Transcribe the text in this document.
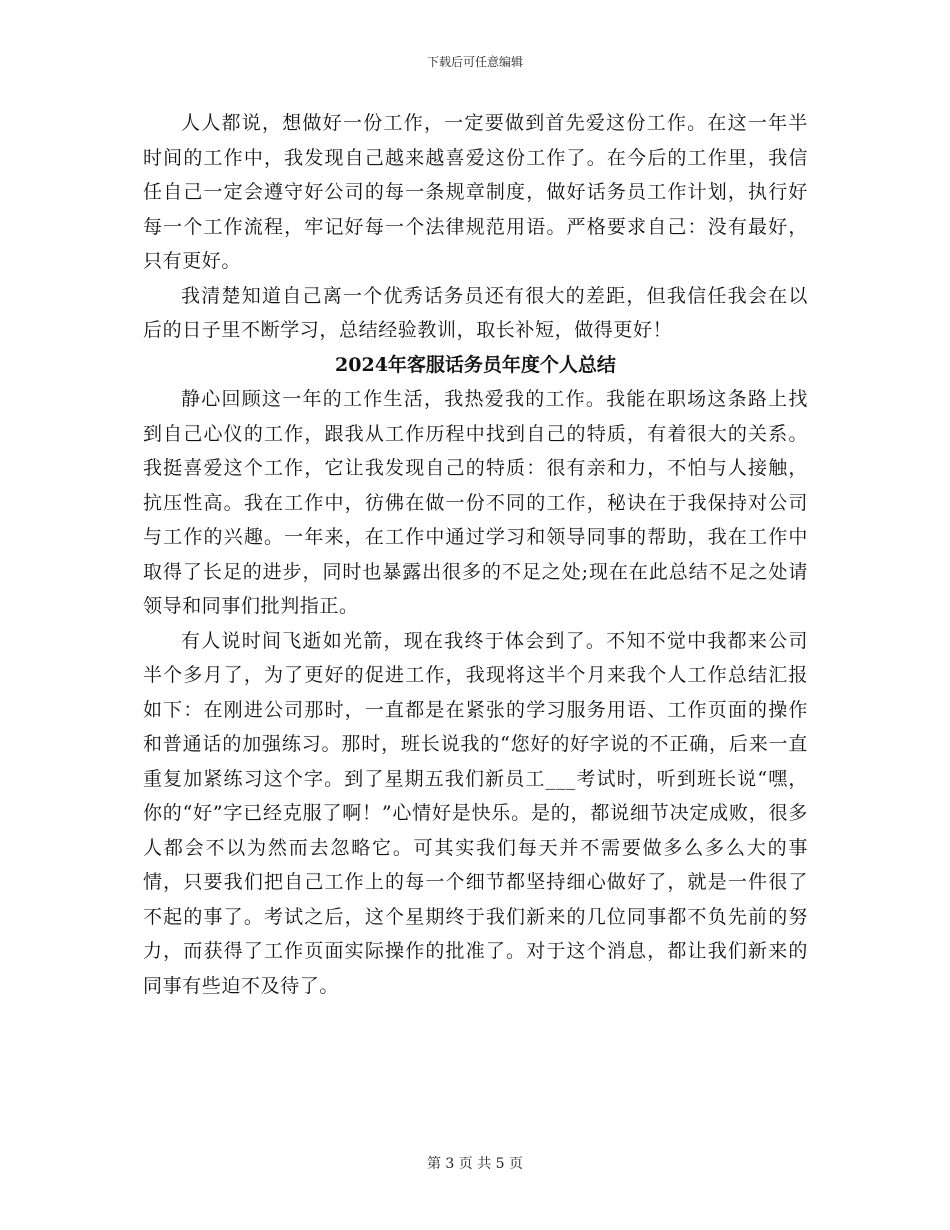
下载后可任意编辑

人人都说，想做好一份工作，一定要做到首先爱这份工作。在这一年半时间的工作中，我发现自己越来越喜爱这份工作了。在今后的工作里，我信任自己一定会遵守好公司的每一条规章制度，做好话务员工作计划，执行好每一个工作流程，牢记好每一个法律规范用语。严格要求自己：没有最好，只有更好。

我清楚知道自己离一个优秀话务员还有很大的差距，但我信任我会在以后的日子里不断学习，总结经验教训，取长补短，做得更好！

2024年客服话务员年度个人总结

静心回顾这一年的工作生活，我热爱我的工作。我能在职场这条路上找到自己心仪的工作，跟我从工作历程中找到自己的特质，有着很大的关系。我挺喜爱这个工作，它让我发现自己的特质：很有亲和力，不怕与人接触，抗压性高。我在工作中，彷佛在做一份不同的工作，秘诀在于我保持对公司与工作的兴趣。一年来，在工作中通过学习和领导同事的帮助，我在工作中取得了长足的进步，同时也暴露出很多的不足之处;现在在此总结不足之处请领导和同事们批判指正。

有人说时间飞逝如光箭，现在我终于体会到了。不知不觉中我都来公司半个多月了，为了更好的促进工作，我现将这半个月来我个人工作总结汇报如下：在刚进公司那时，一直都是在紧张的学习服务用语、工作页面的操作和普通话的加强练习。那时，班长说我的“您好的好字说的不正确，后来一直重复加紧练习这个字。到了星期五我们新员工___考试时，听到班长说“嘿，你的“好”字已经克服了啊！”心情好是快乐。是的，都说细节决定成败，很多人都会不以为然而去忽略它。可其实我们每天并不需要做多么多么大的事情，只要我们把自己工作上的每一个细节都坚持细心做好了，就是一件很了不起的事了。考试之后，这个星期终于我们新来的几位同事都不负先前的努力，而获得了工作页面实际操作的批准了。对于这个消息，都让我们新来的同事有些迫不及待了。

第 3 页 共 5 页
